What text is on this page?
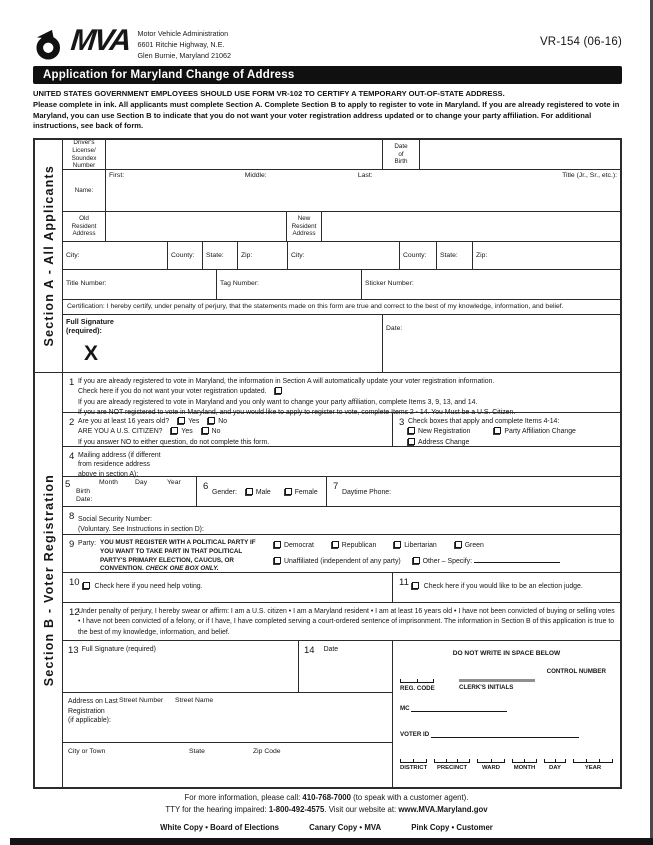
MVA Motor Vehicle Administration
6601 Ritchie Highway, N.E.
Glen Burnie, Maryland 21062
VR-154 (06-16)
Application for Maryland Change of Address
UNITED STATES GOVERNMENT EMPLOYEES SHOULD USE FORM VR-102 TO CERTIFY A TEMPORARY OUT-OF-STATE ADDRESS.
Please complete in ink. All applicants must complete Section A. Complete Section B to apply to register to vote in Maryland. If you are already registered to vote in Maryland, you can use Section B to indicate that you do not want your voter registration address updated or to change your party affiliation. For additional instructions, see back of form.
Section A - All Applicants
Section B - Voter Registration
Driver's
License/
Soundex
Number
Date
of
Birth
Name:
First:	Middle:	Last:	Title (Jr., Sr., etc.):
Old
Resident
Address
New
Resident
Address
City:	County:	State:	Zip:	City:	County:	State:	Zip:
Title Number:	Tag Number:	Sticker Number:
Certification: I hereby certify, under penalty of perjury, that the statements made on this form are true and correct to the best of my knowledge, information, and belief.
Full Signature
(required):
X
Date:
1 If you are already registered to vote in Maryland, the information in Section A will automatically update your voter registration information.
Check here if you do not want your voter registration updated.
If you are already registered to vote in Maryland and you only want to change your party affiliation, complete Items 3, 9, 13, and 14.
If you are NOT registered to vote in Maryland, and you would like to apply to register to vote, complete Items 2 - 14. You Must be a U.S. Citizen.
2 Are you at least 16 years old?	Yes	No
ARE YOU A U.S. CITIZEN?	Yes	No
If you answer NO to either question, do not complete this form.
3 Check boxes that apply and complete Items 4-14:
New Registration	Party Affiliation Change
Address Change
4 Mailing address (if different
from residence address
above in section A):
5	Month	Day	Year
Birth
Date:
6
Gender:	Male	Female
7
Daytime Phone:
8 Social Security Number:
(Voluntary. See Instructions in section D):
9 Party: YOU MUST REGISTER WITH A POLITICAL PARTY IF YOU WANT TO TAKE PART IN THAT POLITICAL PARTY'S PRIMARY ELECTION, CAUCUS, OR CONVENTION. CHECK ONE BOX ONLY.
Democrat	Republican	Libertarian	Green
Unaffiliated (independent of any party)	Other – Specify:
10	Check here if you need help voting.	11	Check here if you would like to be an election judge.
12
Under penalty of perjury, I hereby swear or affirm: I am a U.S. citizen • I am a Maryland resident • I am at least 16 years old • I have not been convicted of buying or selling votes • I have not been convicted of a felony, or if I have, I have completed serving a court-ordered sentence of imprisonment. The information in Section B of this application is true to the best of my knowledge, information, and belief.
13 Full Signature (required)	14	Date
Address on Last
Registration
(if applicable):
Street Number Street Name
City or Town	State	Zip Code
DO NOT WRITE IN SPACE BELOW
CONTROL NUMBER
REG. CODE	CLERK'S INITIALS
MC
VOTER ID
DISTRICT	PRECINCT	WARD	MONTH	DAY	YEAR
For more information, please call: 410-768-7000 (to speak with a customer agent).
TTY for the hearing impaired: 1-800-492-4575. Visit our website at: www.MVA.Maryland.gov
White Copy • Board of Elections	Canary Copy • MVA	Pink Copy • Customer
